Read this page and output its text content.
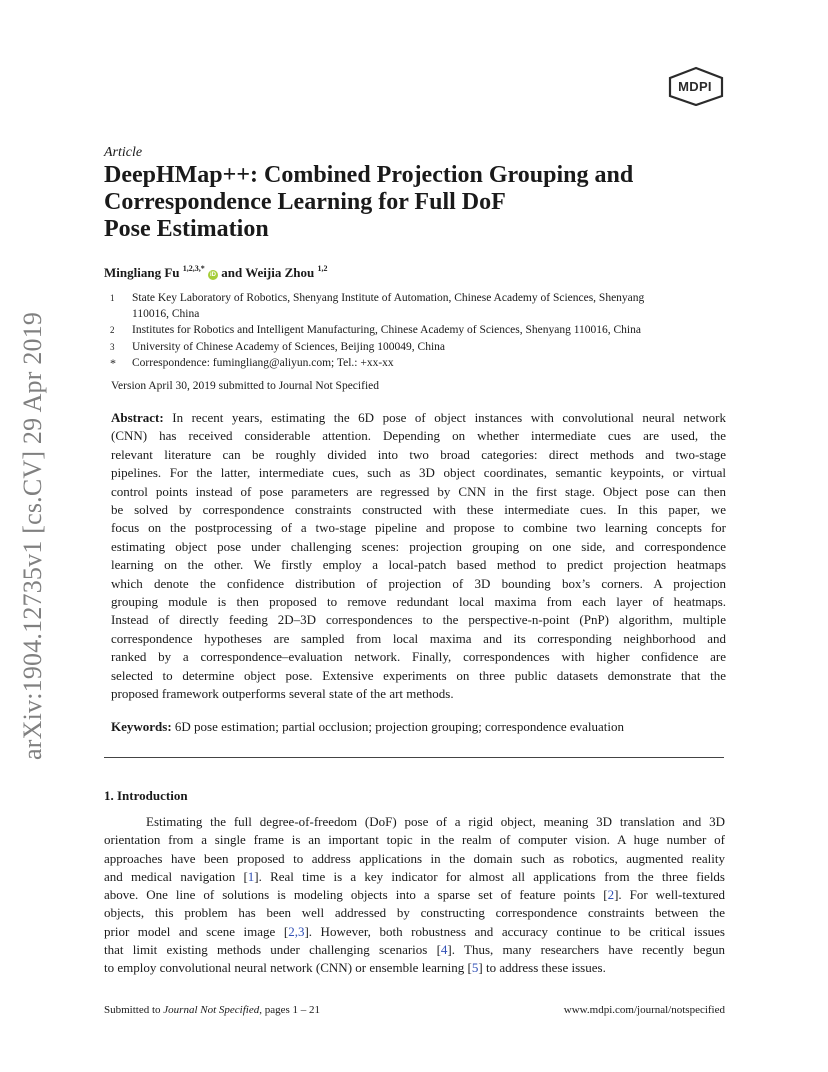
arXiv:1904.12735v1 [cs.CV] 29 Apr 2019
MDPI
Article
DeepHMap++: Combined Projection Grouping and
Correspondence Learning for Full DoF
Pose Estimation
Mingliang Fu $^{1,2,3,*}$ iD and Weijia Zhou $^{1,2}$
1 State Key Laboratory of Robotics, Shenyang Institute of Automation, Chinese Academy of Sciences, Shenyang
110016, China
2 Institutes for Robotics and Intelligent Manufacturing, Chinese Academy of Sciences, Shenyang 110016, China
3 University of Chinese Academy of Sciences, Beijing 100049, China
* Correspondence: fumingliang@aliyun.com; Tel.: +xx-xx
Version April 30, 2019 submitted to Journal Not Specified
Abstract: In recent years, estimating the 6D pose of object instances with convolutional neural network
(CNN) has received considerable attention. Depending on whether intermediate cues are used, the
relevant literature can be roughly divided into two broad categories: direct methods and two-stage
pipelines. For the latter, intermediate cues, such as 3D object coordinates, semantic keypoints, or virtual
control points instead of pose parameters are regressed by CNN in the first stage. Object pose can then
be solved by correspondence constraints constructed with these intermediate cues. In this paper, we
focus on the postprocessing of a two-stage pipeline and propose to combine two learning concepts for
estimating object pose under challenging scenes: projection grouping on one side, and correspondence
learning on the other. We firstly employ a local-patch based method to predict projection heatmaps
which denote the confidence distribution of projection of 3D bounding box’s corners. A projection
grouping module is then proposed to remove redundant local maxima from each layer of heatmaps.
Instead of directly feeding 2D–3D correspondences to the perspective-n-point (PnP) algorithm, multiple
correspondence hypotheses are sampled from local maxima and its corresponding neighborhood and
ranked by a correspondence–evaluation network. Finally, correspondences with higher confidence are
selected to determine object pose. Extensive experiments on three public datasets demonstrate that the
proposed framework outperforms several state of the art methods.
Keywords: 6D pose estimation; partial occlusion; projection grouping; correspondence evaluation
1. Introduction
Estimating the full degree-of-freedom (DoF) pose of a rigid object, meaning 3D translation and 3D
orientation from a single frame is an important topic in the realm of computer vision. A huge number of
approaches have been proposed to address applications in the domain such as robotics, augmented reality
and medical navigation [1]. Real time is a key indicator for almost all applications from the three fields
above. One line of solutions is modeling objects into a sparse set of feature points [2]. For well-textured
objects, this problem has been well addressed by constructing correspondence constraints between the
prior model and scene image [2,3]. However, both robustness and accuracy continue to be critical issues
that limit existing methods under challenging scenarios [4]. Thus, many researchers have recently begun
to employ convolutional neural network (CNN) or ensemble learning [5] to address these issues.
Submitted to Journal Not Specified, pages 1 – 21	www.mdpi.com/journal/notspecified
